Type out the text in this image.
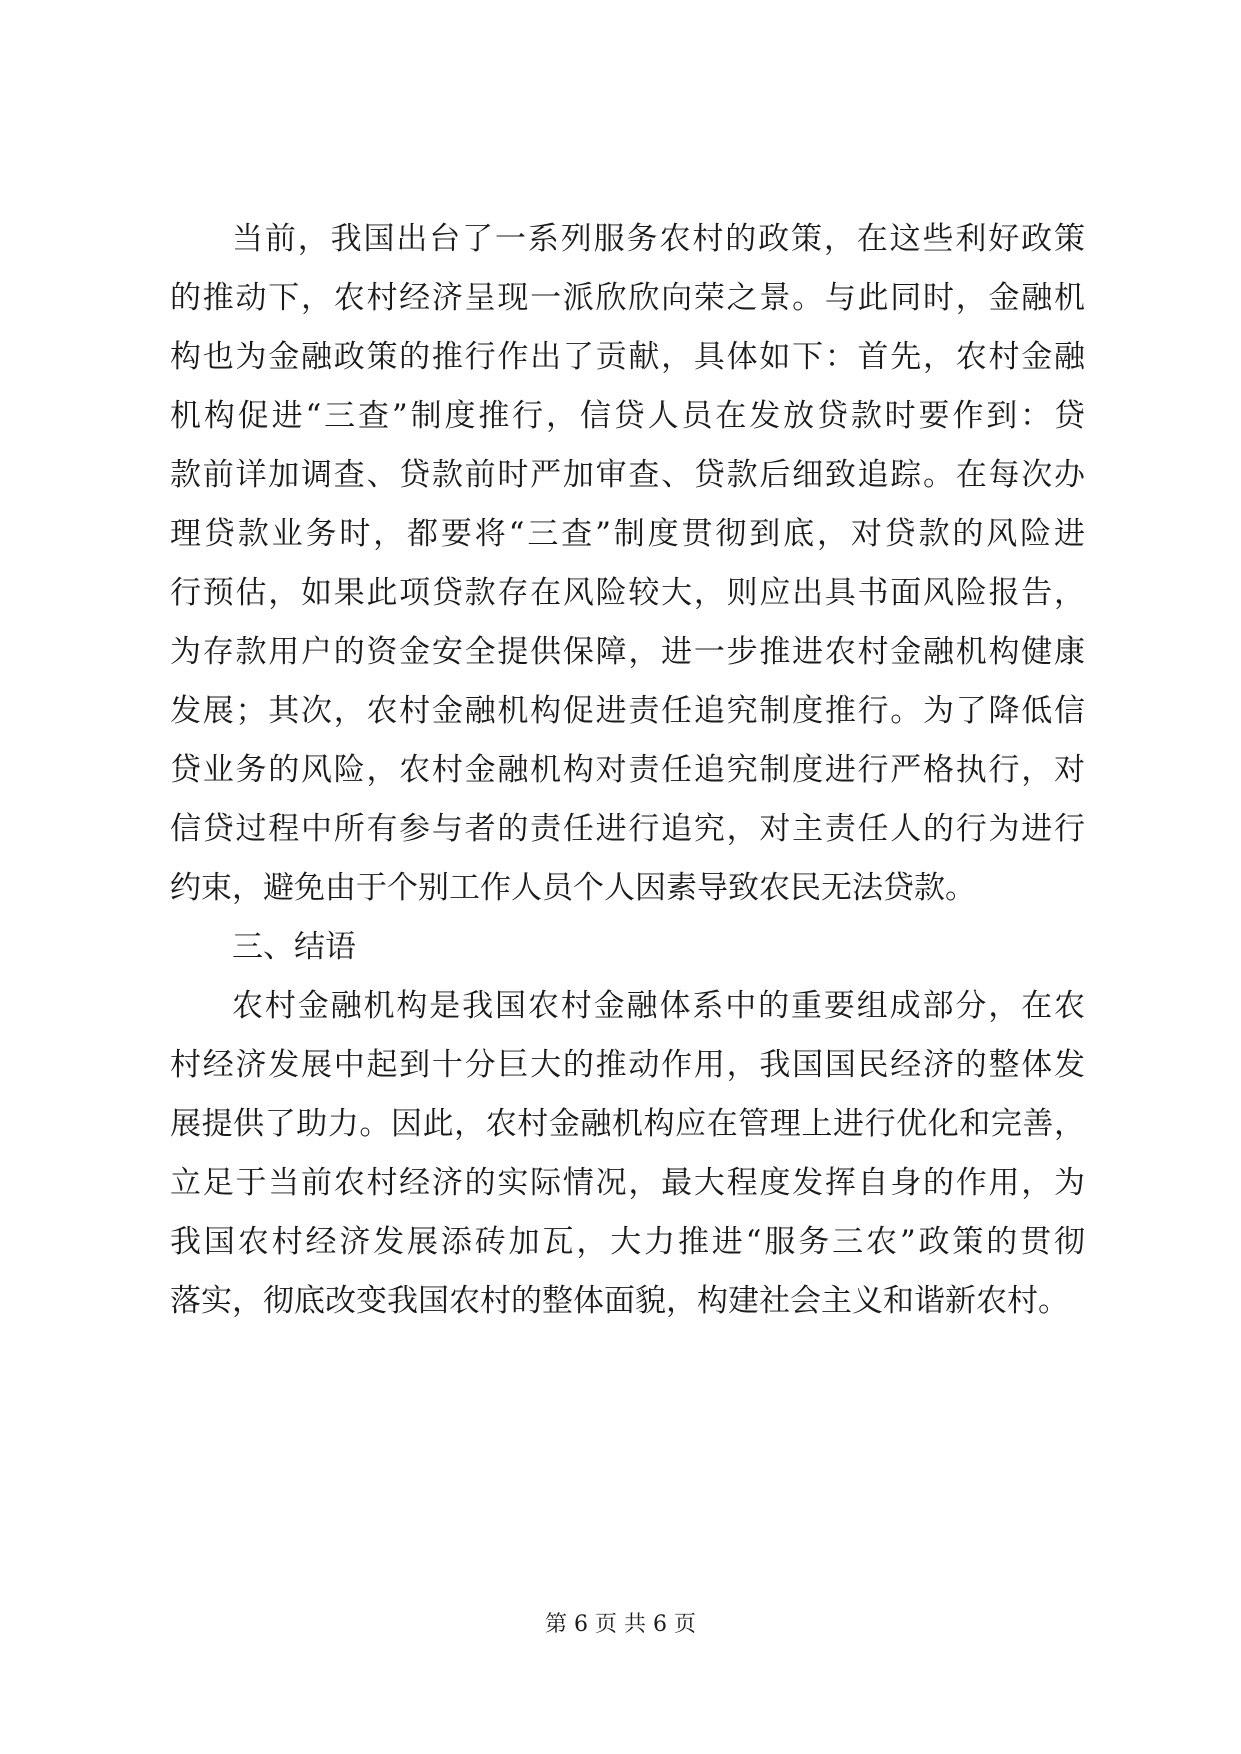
当前，我国出台了一系列服务农村的政策，在这些利好政策
的推动下，农村经济呈现一派欣欣向荣之景。与此同时，金融机
构也为金融政策的推行作出了贡献，具体如下：首先，农村金融
机构促进“三查”制度推行，信贷人员在发放贷款时要作到：贷
款前详加调查、贷款前时严加审查、贷款后细致追踪。在每次办
理贷款业务时，都要将“三查”制度贯彻到底，对贷款的风险进
行预估，如果此项贷款存在风险较大，则应出具书面风险报告，
为存款用户的资金安全提供保障，进一步推进农村金融机构健康
发展；其次，农村金融机构促进责任追究制度推行。为了降低信
贷业务的风险，农村金融机构对责任追究制度进行严格执行，对
信贷过程中所有参与者的责任进行追究，对主责任人的行为进行
约束，避免由于个别工作人员个人因素导致农民无法贷款。
三、结语
农村金融机构是我国农村金融体系中的重要组成部分，在农
村经济发展中起到十分巨大的推动作用，我国国民经济的整体发
展提供了助力。因此，农村金融机构应在管理上进行优化和完善，
立足于当前农村经济的实际情况，最大程度发挥自身的作用，为
我国农村经济发展添砖加瓦，大力推进“服务三农”政策的贯彻
落实，彻底改变我国农村的整体面貌，构建社会主义和谐新农村。
第 6 页 共 6 页
